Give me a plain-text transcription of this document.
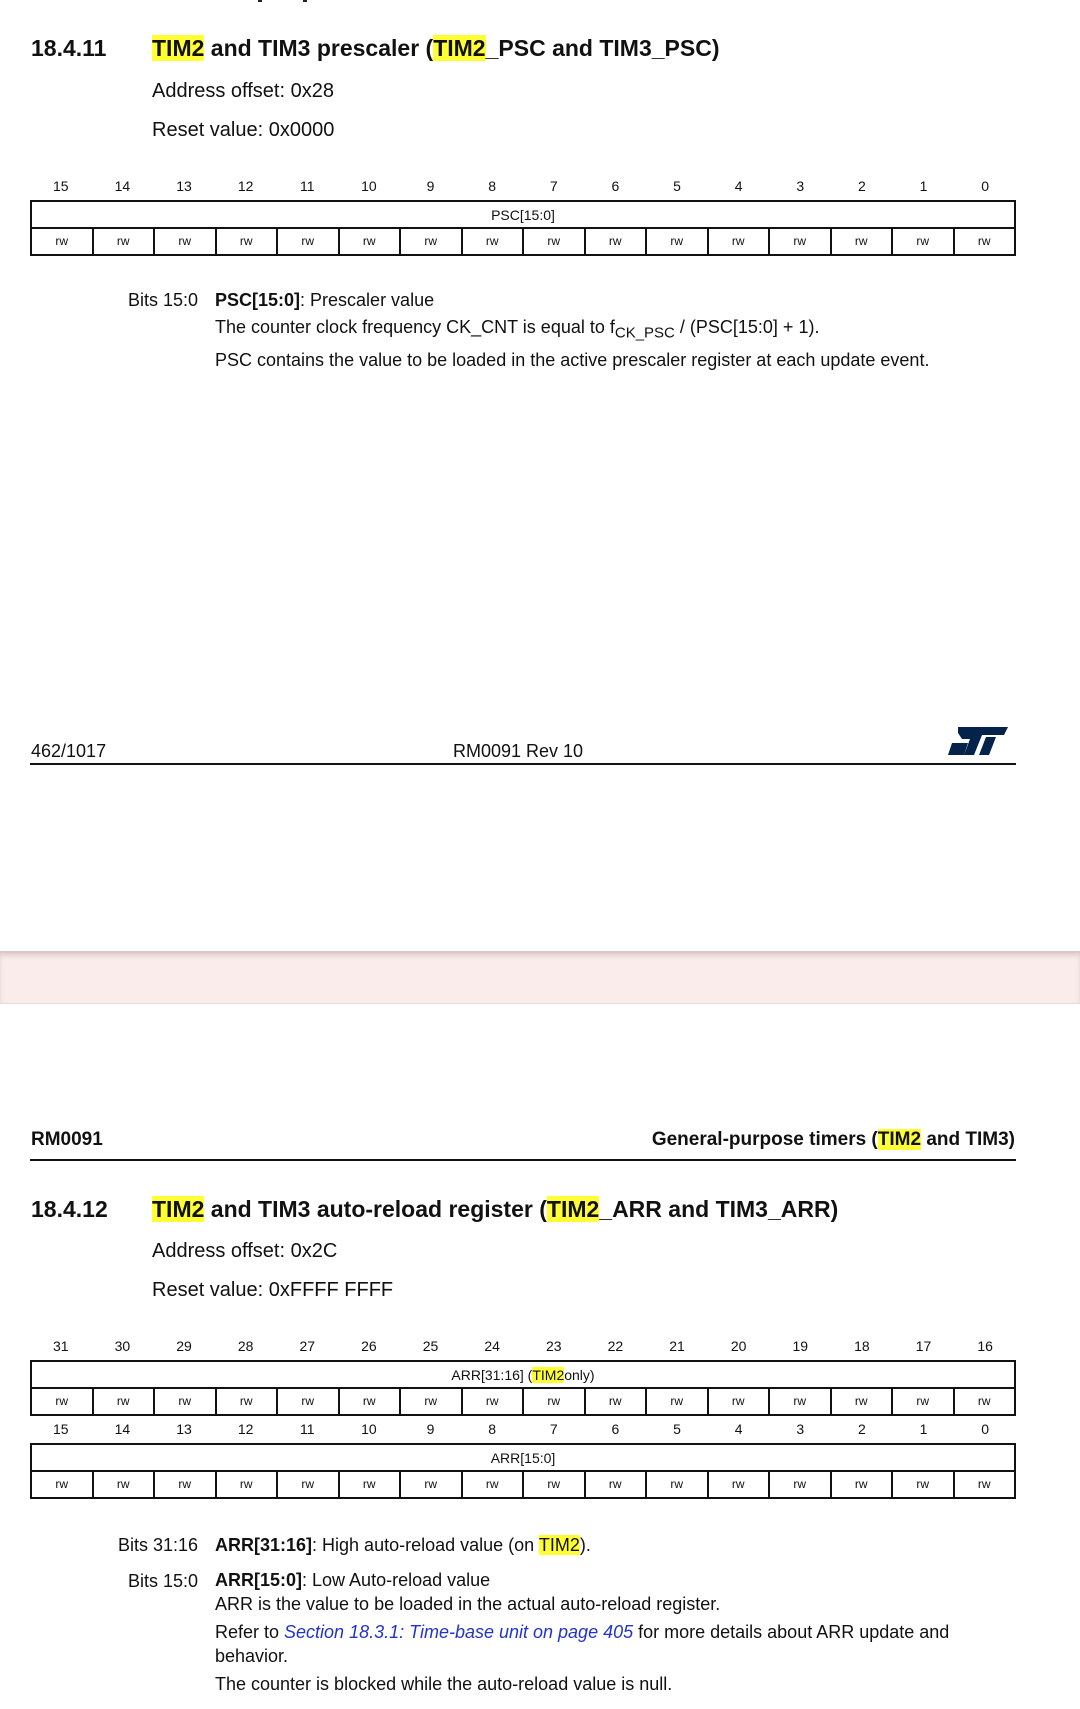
18.4.11 TIM2 and TIM3 prescaler (TIM2_PSC and TIM3_PSC)
Address offset: 0x28
Reset value: 0x0000
15	14	13	12	11	10	9	8	7	6	5	4	3	2	1	0
PSC[15:0]
rw	rw	rw	rw	rw	rw	rw	rw	rw	rw	rw	rw	rw	rw	rw	rw
Bits 15:0 PSC[15:0]: Prescaler value
The counter clock frequency CK_CNT is equal to $f_{CK\_PSC}$ / (PSC[15:0] + 1).
PSC contains the value to be loaded in the active prescaler register at each update event.
462/1017	RM0091 Rev 10
RM0091	General-purpose timers (TIM2 and TIM3)
18.4.12 TIM2 and TIM3 auto-reload register (TIM2_ARR and TIM3_ARR)
Address offset: 0x2C
Reset value: 0xFFFF FFFF
31	30	29	28	27	26	25	24	23	22	21	20	19	18	17	16
ARR[31:16] ( TIM2 only)
rw	rw	rw	rw	rw	rw	rw	rw	rw	rw	rw	rw	rw	rw	rw	rw
15	14	13	12	11	10	9	8	7	6	5	4	3	2	1	0
ARR[15:0]
rw	rw	rw	rw	rw	rw	rw	rw	rw	rw	rw	rw	rw	rw	rw	rw
Bits 31:16 ARR[31:16]: High auto-reload value (on TIM2).
Bits 15:0 ARR[15:0]: Low Auto-reload value
ARR is the value to be loaded in the actual auto-reload register.
Refer to Section 18.3.1: Time-base unit on page 405 for more details about ARR update and
behavior.
The counter is blocked while the auto-reload value is null.
